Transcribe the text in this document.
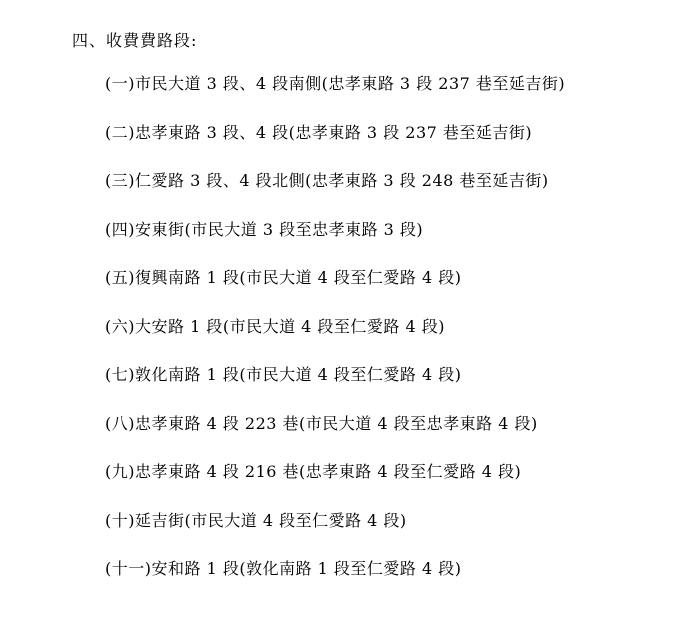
四、收費費路段:
(一)市民大道 3 段、4 段南側(忠孝東路 3 段 237 巷至延吉街)
(二)忠孝東路 3 段、4 段(忠孝東路 3 段 237 巷至延吉街)
(三)仁愛路 3 段、4 段北側(忠孝東路 3 段 248 巷至延吉街)
(四)安東街(市民大道 3 段至忠孝東路 3 段)
(五)復興南路 1 段(市民大道 4 段至仁愛路 4 段)
(六)大安路 1 段(市民大道 4 段至仁愛路 4 段)
(七)敦化南路 1 段(市民大道 4 段至仁愛路 4 段)
(八)忠孝東路 4 段 223 巷(市民大道 4 段至忠孝東路 4 段)
(九)忠孝東路 4 段 216 巷(忠孝東路 4 段至仁愛路 4 段)
(十)延吉街(市民大道 4 段至仁愛路 4 段)
(十一)安和路 1 段(敦化南路 1 段至仁愛路 4 段)
